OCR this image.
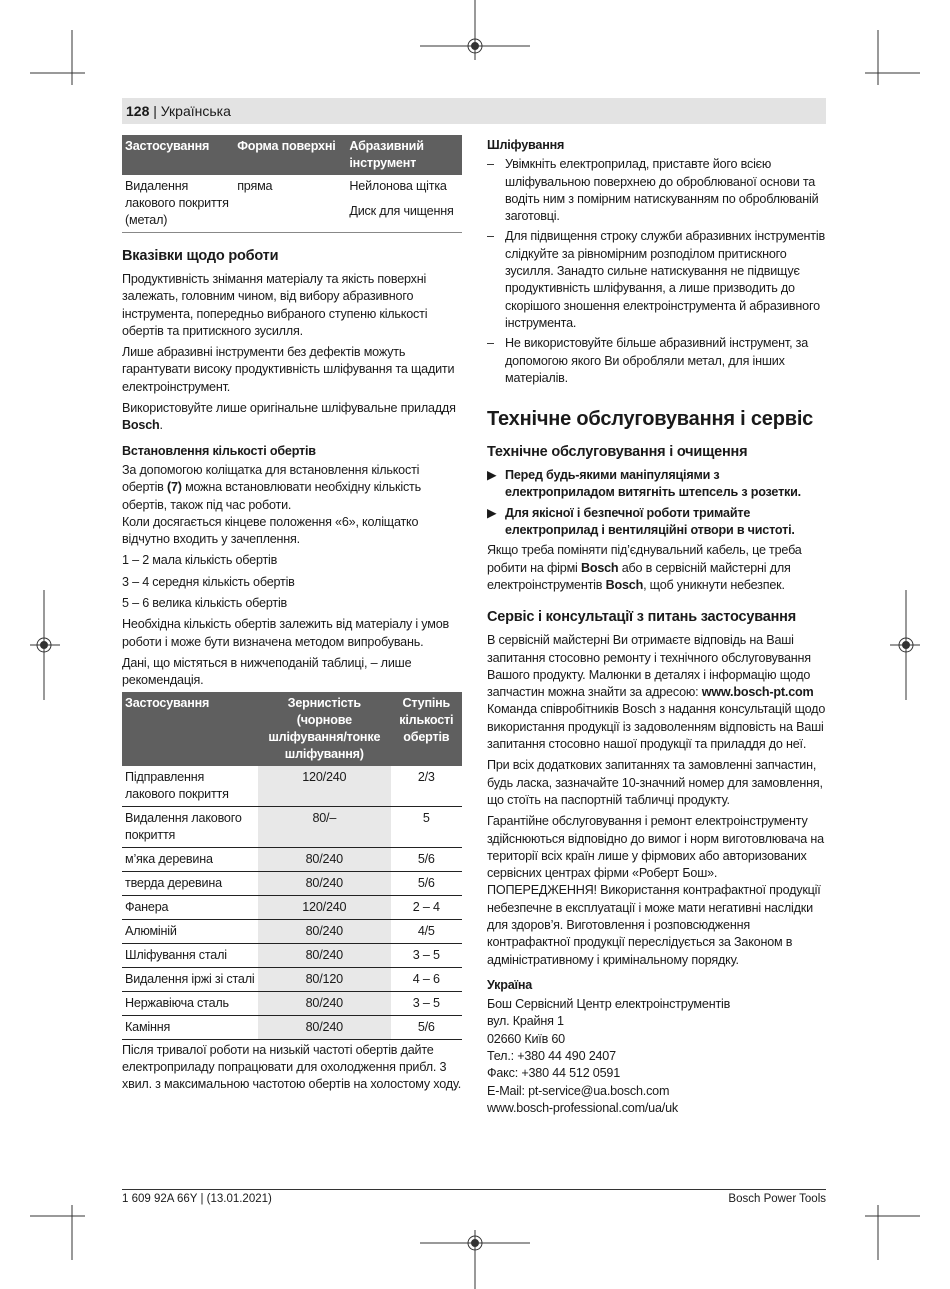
128 | Українська
Застосування	Форма поверхні	Абразивний інструмент
Видалення лакового покриття (метал)	пряма	Нейлонова щітка
Диск для чищення
Вказівки щодо роботи

Продуктивність знімання матеріалу та якість поверхні залежать, головним чином, від вибору абразивного інструмента, попередньо вибраного ступеню кількості обертів та притискного зусилля.

Лише абразивні інструменти без дефектів можуть гарантувати високу продуктивність шліфування та щадити електроінструмент.

Використовуйте лише оригінальне шліфувальне приладдя Bosch.

Встановлення кількості обертів

За допомогою коліщатка для встановлення кількості обертів (7) можна встановлювати необхідну кількість обертів, також під час роботи.

Коли досягається кінцеве положення «6», коліщатко відчутно входить у зачеплення.

1 – 2 мала кількість обертів

3 – 4 середня кількість обертів

5 – 6 велика кількість обертів

Необхідна кількість обертів залежить від матеріалу і умов роботи і може бути визначена методом випробувань.

Дані, що містяться в нижчеподаній таблиці, – лише рекомендація.

Застосування	Зернистість (чорнове шліфування/тонке шліфування)	Ступінь кількості обертів
Підправлення лакового покриття	120/240	2/3
Видалення лакового покриття	80/–	5
м’яка деревина	80/240	5/6
тверда деревина	80/240	5/6
Фанера	120/240	2 – 4
Алюміній	80/240	4/5
Шліфування сталі	80/240	3 – 5
Видалення іржі зі сталі	80/120	4 – 6
Нержавіюча сталь	80/240	3 – 5
Каміння	80/240	5/6

Після тривалої роботи на низькій частоті обертів дайте електроприладу попрацювати для охолодження прибл. 3 хвил. з максимальною частотою обертів на холостому ходу.

Шліфування
– Увімкніть електроприлад, приставте його всією шліфувальною поверхнею до оброблюваної основи та водіть ним з помірним натискуванням по оброблюваній заготовці.
– Для підвищення строку служби абразивних інструментів слідкуйте за рівномірним розподілом притискного зусилля. Занадто сильне натискування не підвищує продуктивність шліфування, а лише призводить до скорішого зношення електроінструмента й абразивного інструмента.
– Не використовуйте більше абразивний інструмент, за допомогою якого Ви обробляли метал, для інших матеріалів.
Технічне обслуговування і сервіс
Технічне обслуговування і очищення
▶ Перед будь-якими маніпуляціями з електроприладом витягніть штепсель з розетки.
▶ Для якісної і безпечної роботи тримайте електроприлад і вентиляційні отвори в чистоті.

Якщо треба поміняти під’єднувальний кабель, це треба робити на фірмі Bosch або в сервісній майстерні для електроінструментів Bosch, щоб уникнути небезпек.

Сервіс і консультації з питань застосування

В сервісній майстерні Ви отримаєте відповідь на Ваші запитання стосовно ремонту і технічного обслуговування Вашого продукту. Малюнки в деталях і інформацію щодо запчастин можна знайти за адресою: www.bosch-pt.com Команда співробітників Bosch з надання консультацій щодо використання продукції із задоволенням відповість на Ваші запитання стосовно нашої продукції та приладдя до неї.

При всіх додаткових запитаннях та замовленні запчастин, будь ласка, зазначайте 10‑значний номер для замовлення, що стоїть на паспортній табличці продукту.

Гарантійне обслуговування і ремонт електроінструменту здійснюються відповідно до вимог і норм виготовлювача на території всіх країн лише у фірмових або авторизованих сервісних центрах фірми «Роберт Бош». ПОПЕРЕДЖЕННЯ! Використання контрафактної продукції небезпечне в експлуатації і може мати негативні наслідки для здоров’я. Виготовлення і розповсюдження контрафактної продукції переслідується за Законом в адміністративному і кримінальному порядку.

Україна
Бош Сервісний Центр електроінструментів
вул. Крайня 1
02660 Київ 60
Тел.: +380 44 490 2407
Факс: +380 44 512 0591
E-Mail: pt-service@ua.bosch.com
www.bosch-professional.com/ua/uk
1 609 92A 66Y | (13.01.2021)	Bosch Power Tools
